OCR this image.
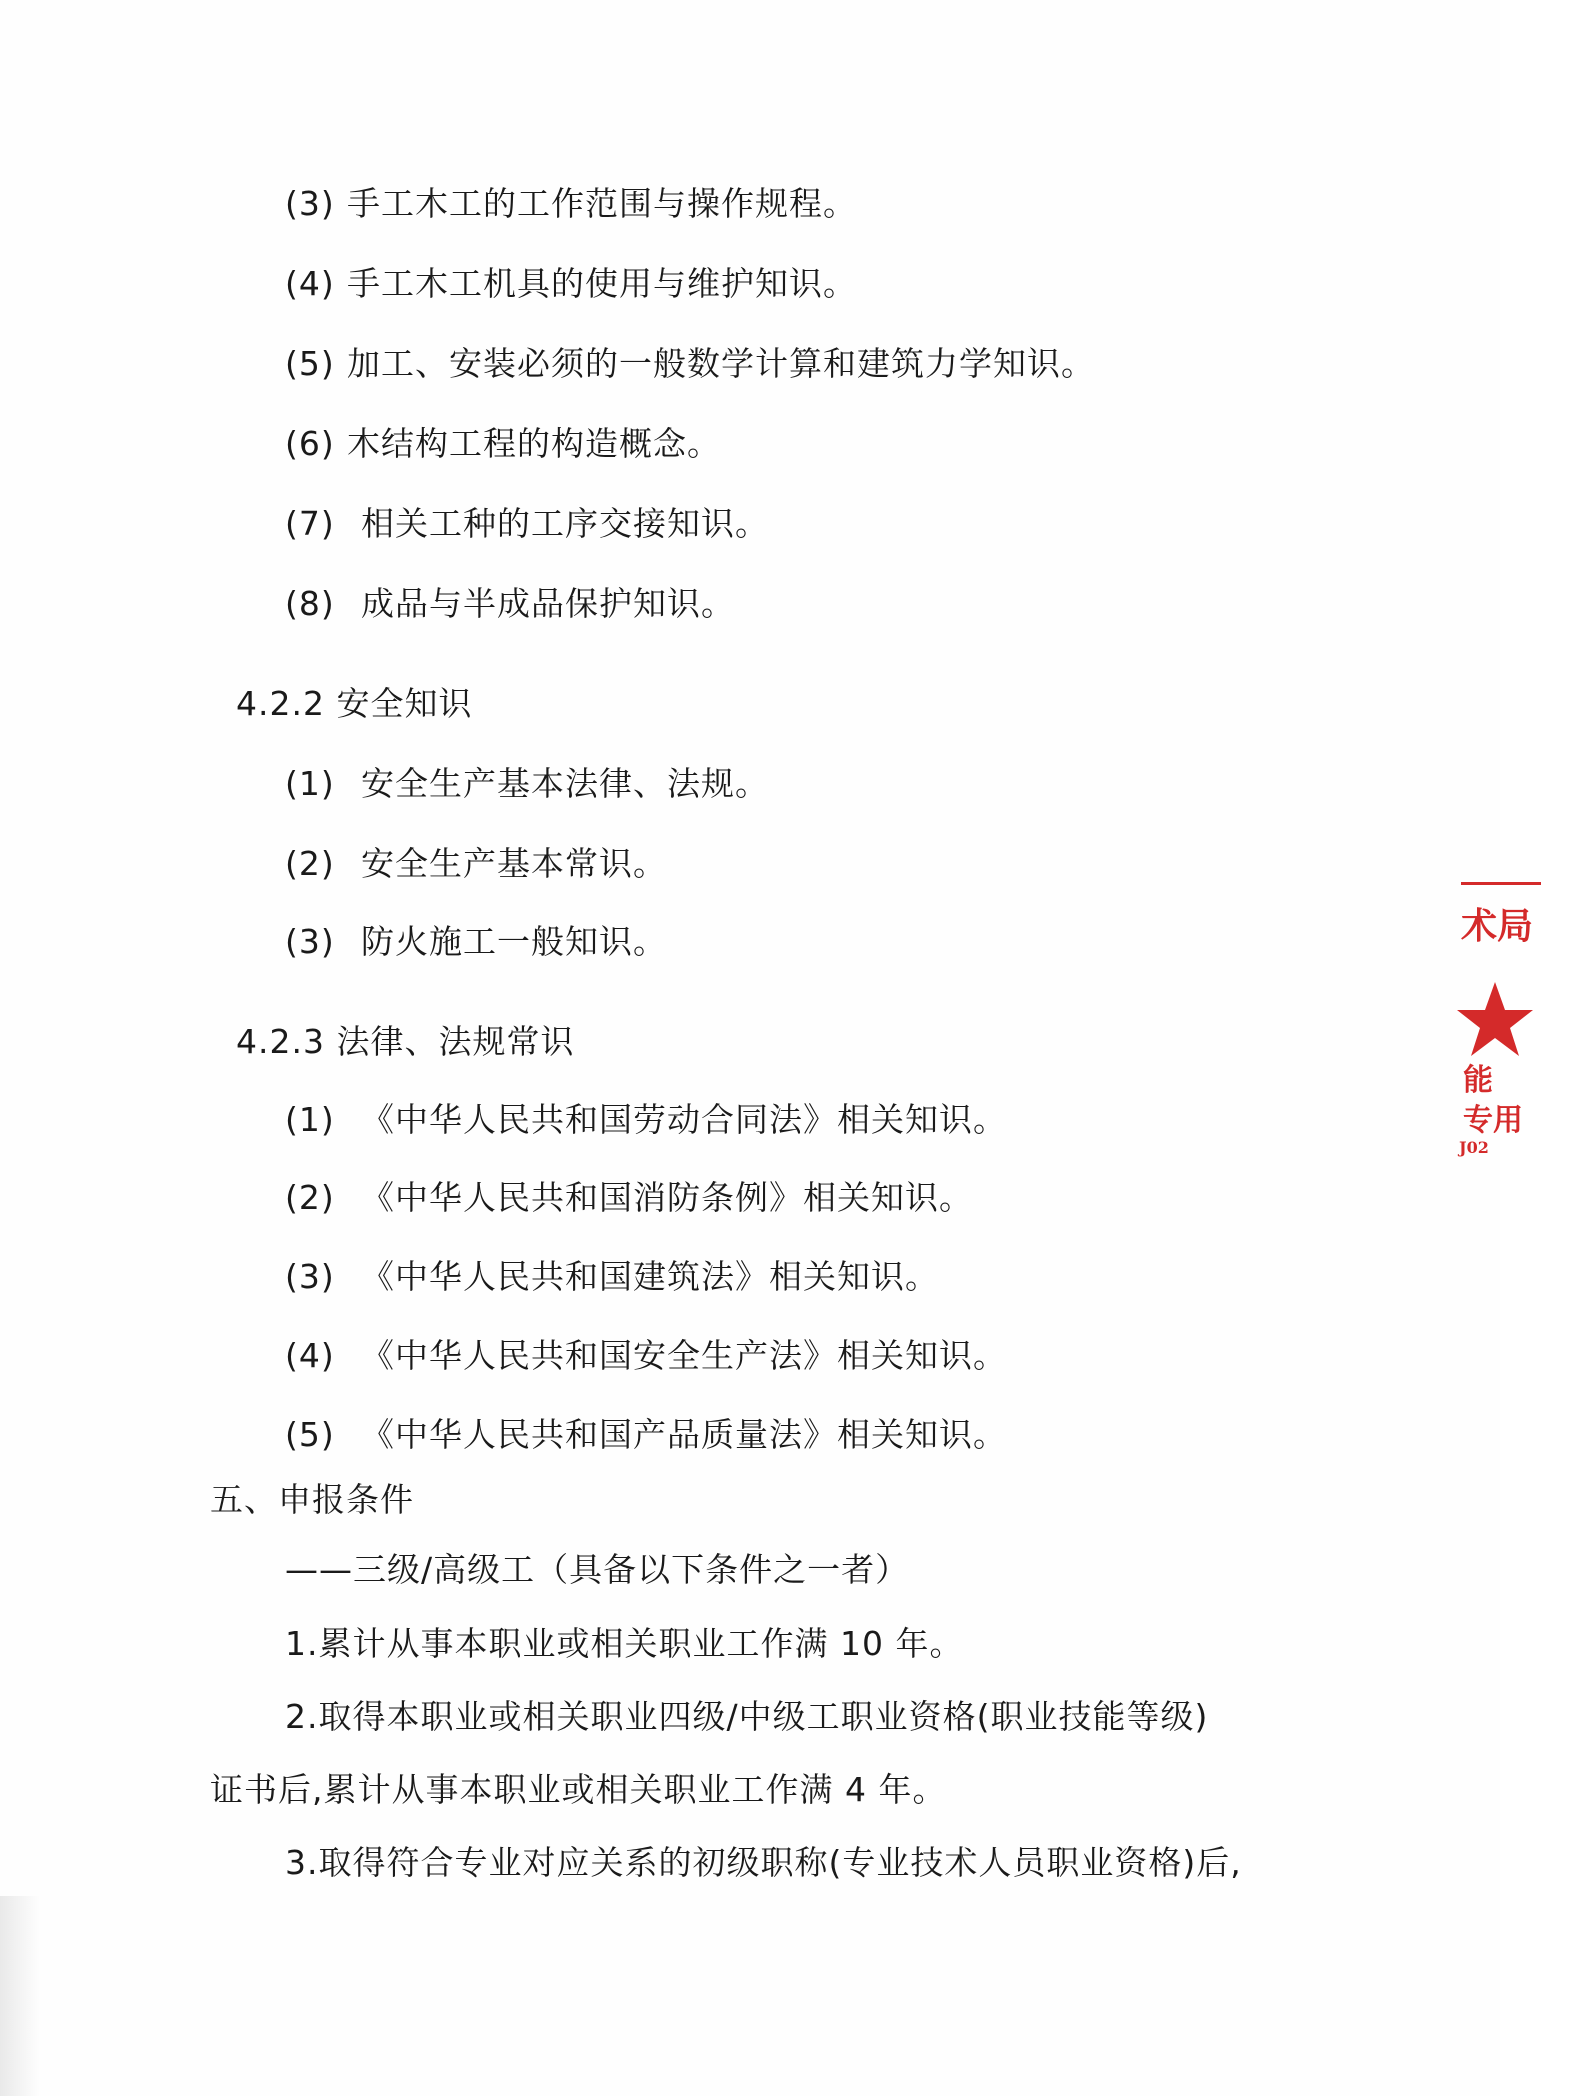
(3) 手工木工的工作范围与操作规程。
(4) 手工木工机具的使用与维护知识。
(5) 加工、安装必须的一般数学计算和建筑力学知识。
(6) 木结构工程的构造概念。
(7) 相关工种的工序交接知识。
(8) 成品与半成品保护知识。
4.2.2 安全知识
(1) 安全生产基本法律、法规。
(2) 安全生产基本常识。
(3) 防火施工一般知识。
4.2.3 法律、法规常识
(1) 《中华人民共和国劳动合同法》相关知识。
(2) 《中华人民共和国消防条例》相关知识。
(3) 《中华人民共和国建筑法》相关知识。
(4) 《中华人民共和国安全生产法》相关知识。
(5) 《中华人民共和国产品质量法》相关知识。
五、申报条件
——三级/高级工（具备以下条件之一者）
1.累计从事本职业或相关职业工作满 10 年。
2.取得本职业或相关职业四级/中级工职业资格(职业技能等级)
证书后,累计从事本职业或相关职业工作满 4 年。
3.取得符合专业对应关系的初级职称(专业技术人员职业资格)后,
术局
能
专用
J02
